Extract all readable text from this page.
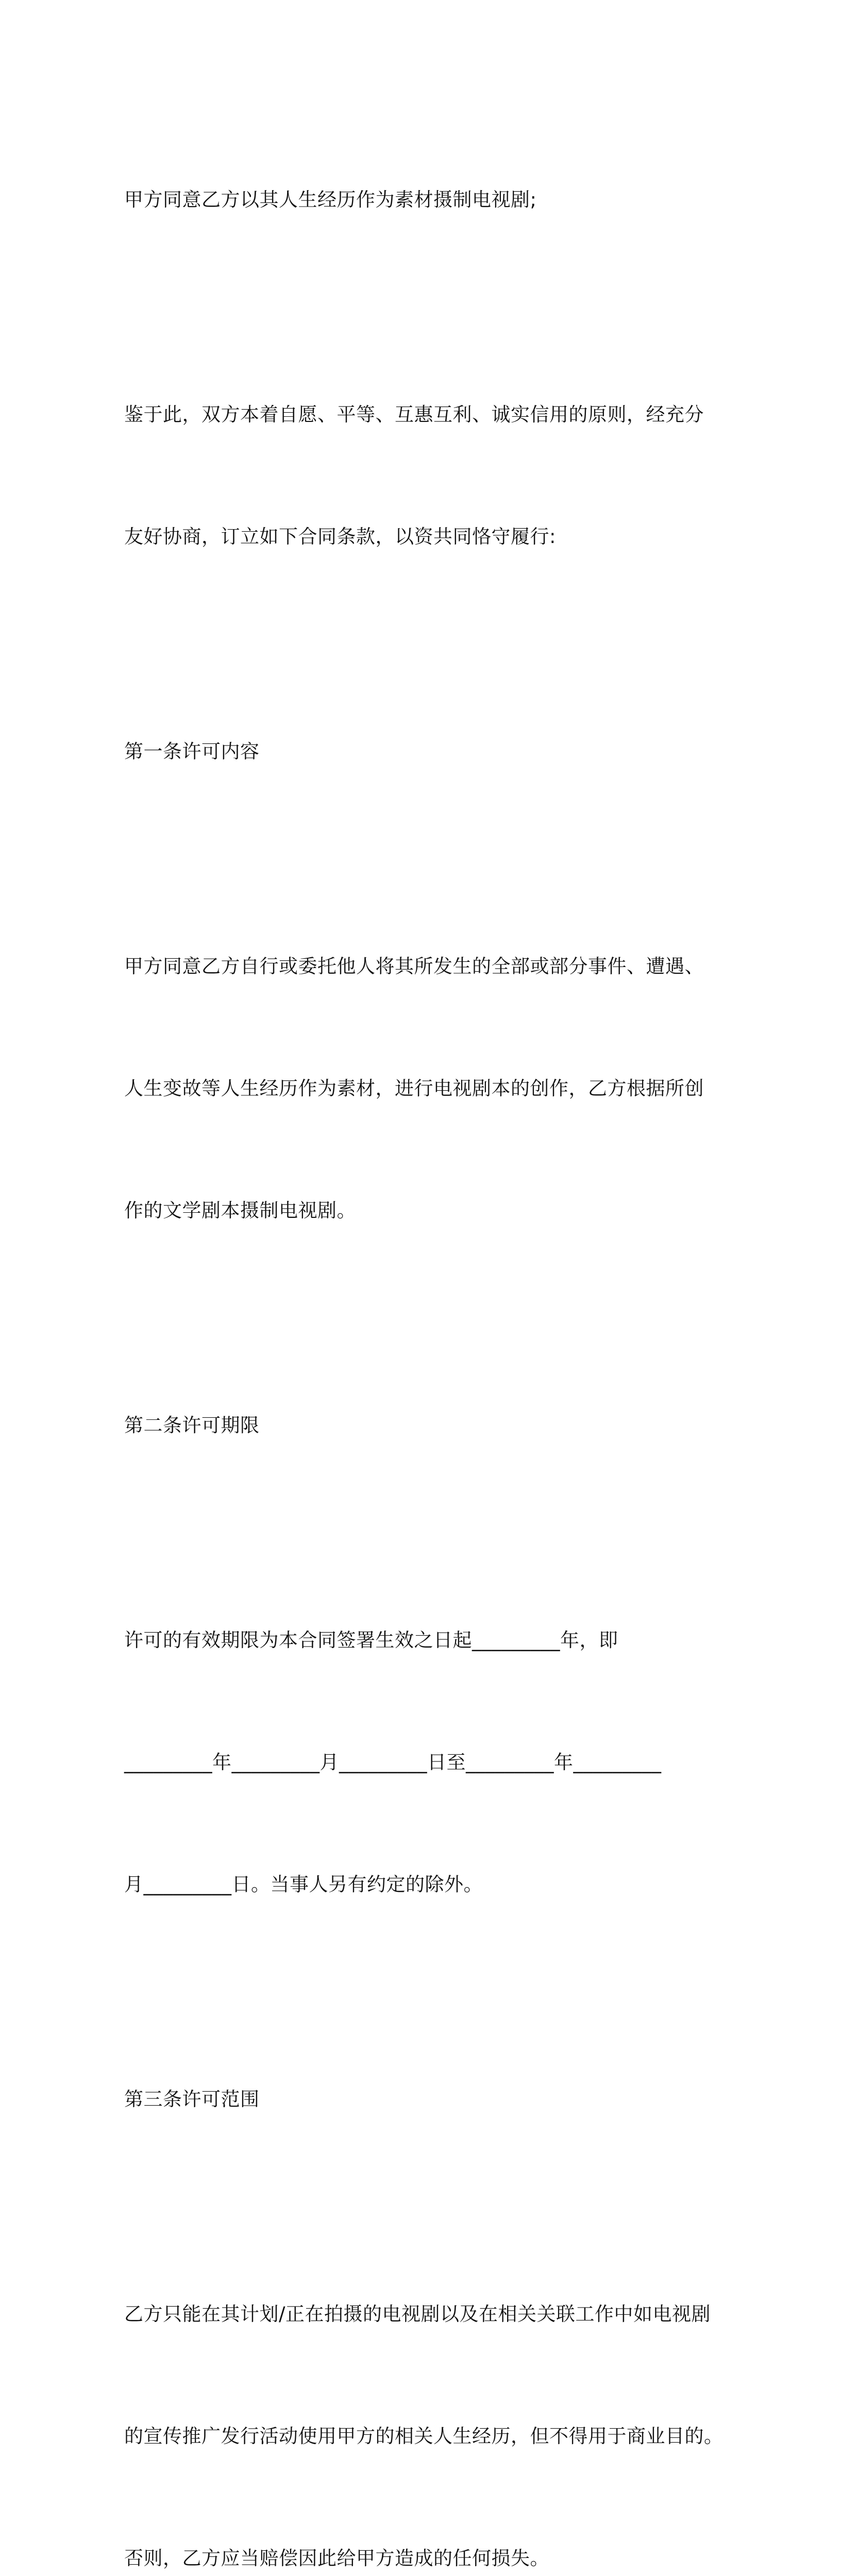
甲方同意乙方以其人生经历作为素材摄制电视剧;

鉴于此，双方本着自愿、平等、互惠互利、诚实信用的原则，经充分

友好协商，订立如下合同条款，以资共同恪守履行:

第一条许可内容

甲方同意乙方自行或委托他人将其所发生的全部或部分事件、遭遇、

人生变故等人生经历作为素材，进行电视剧本的创作，乙方根据所创

作的文学剧本摄制电视剧。

第二条许可期限

许可的有效期限为本合同签署生效之日起_________年，即

_________年_________月_________日至_________年_________

月_________日。当事人另有约定的除外。

第三条许可范围

乙方只能在其计划/正在拍摄的电视剧以及在相关关联工作中如电视剧

的宣传推广发行活动使用甲方的相关人生经历，但不得用于商业目的。

否则，乙方应当赔偿因此给甲方造成的任何损失。
